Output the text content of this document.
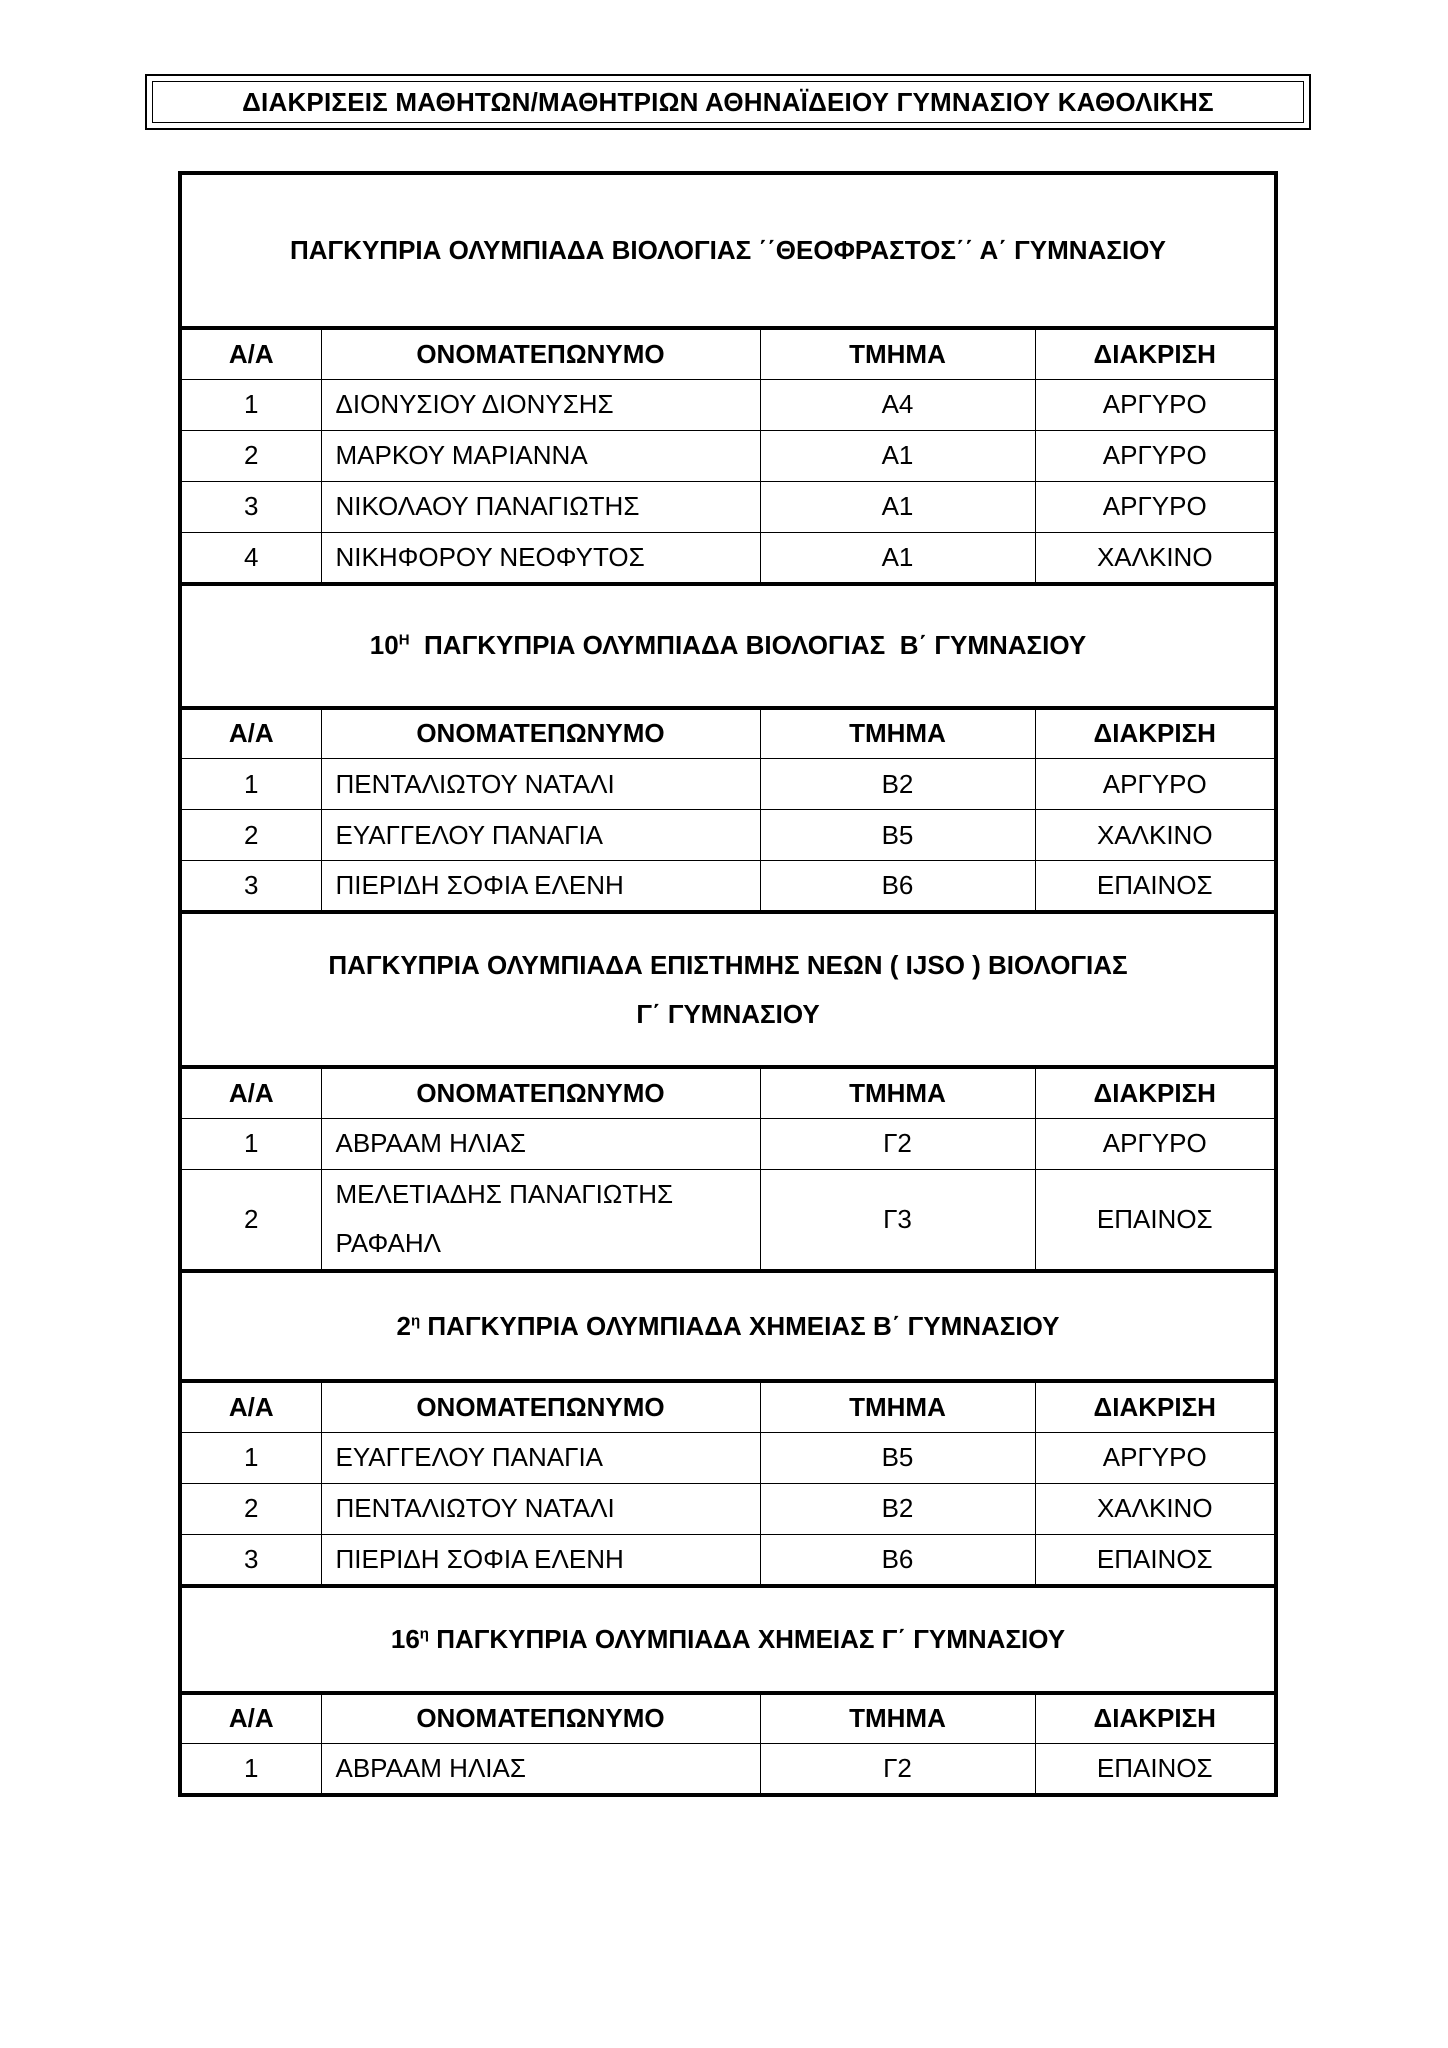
ΔΙΑΚΡΙΣΕΙΣ ΜΑΘΗΤΩΝ/ΜΑΘΗΤΡΙΩΝ ΑΘΗΝΑΪΔΕΙΟΥ ΓΥΜΝΑΣΙΟΥ ΚΑΘΟΛΙΚΗΣ
ΠΑΓΚΥΠΡΙΑ ΟΛΥΜΠΙΑΔΑ ΒΙΟΛΟΓΙΑΣ ΄΄ΘΕΟΦΡΑΣΤΟΣ΄΄ Α΄ ΓΥΜΝΑΣΙΟΥ			
Α/Α	ΟΝΟΜΑΤΕΠΩΝΥΜΟ	ΤΜΗΜΑ	ΔΙΑΚΡΙΣΗ
1	ΔΙΟΝΥΣΙΟΥ ΔΙΟΝΥΣΗΣ	Α4	ΑΡΓΥΡΟ
2	ΜΑΡΚΟΥ ΜΑΡΙΑΝΝΑ	Α1	ΑΡΓΥΡΟ
3	ΝΙΚΟΛΑΟΥ ΠΑΝΑΓΙΩΤΗΣ	Α1	ΑΡΓΥΡΟ
4	ΝΙΚΗΦΟΡΟΥ ΝΕΟΦΥΤΟΣ	Α1	ΧΑΛΚΙΝΟ
$10^H$ ΠΑΓΚΥΠΡΙΑ ΟΛΥΜΠΙΑΔΑ ΒΙΟΛΟΓΙΑΣ  Β΄ ΓΥΜΝΑΣΙΟΥ			
Α/Α	ΟΝΟΜΑΤΕΠΩΝΥΜΟ	ΤΜΗΜΑ	ΔΙΑΚΡΙΣΗ
1	ΠΕΝΤΑΛΙΩΤΟΥ ΝΑΤΑΛΙ	Β2	ΑΡΓΥΡΟ
2	ΕΥΑΓΓΕΛΟΥ ΠΑΝΑΓΙΑ	Β5	ΧΑΛΚΙΝΟ
3	ΠΙΕΡΙΔΗ ΣΟΦΙΑ ΕΛΕΝΗ	Β6	ΕΠΑΙΝΟΣ

ΠΑΓΚΥΠΡΙΑ ΟΛΥΜΠΙΑΔΑ ΕΠΙΣΤΗΜΗΣ ΝΕΩΝ ( IJSO ) ΒΙΟΛΟΓΙΑΣ
Γ΄ ΓΥΜΝΑΣΙΟΥ			

Α/Α	ΟΝΟΜΑΤΕΠΩΝΥΜΟ	ΤΜΗΜΑ	ΔΙΑΚΡΙΣΗ
1	ΑΒΡΑΑΜ ΗΛΙΑΣ	Γ2	ΑΡΓΥΡΟ
2	ΜΕΛΕΤΙΑΔΗΣ ΠΑΝΑΓΙΩΤΗΣ
ΡΑΦΑΗΛ	Γ3	ΕΠΑΙΝΟΣ
$2^\eta$ ΠΑΓΚΥΠΡΙΑ ΟΛΥΜΠΙΑΔΑ ΧΗΜΕΙΑΣ Β΄ ΓΥΜΝΑΣΙΟΥ			
Α/Α	ΟΝΟΜΑΤΕΠΩΝΥΜΟ	ΤΜΗΜΑ	ΔΙΑΚΡΙΣΗ
1	ΕΥΑΓΓΕΛΟΥ ΠΑΝΑΓΙΑ	Β5	ΑΡΓΥΡΟ
2	ΠΕΝΤΑΛΙΩΤΟΥ ΝΑΤΑΛΙ	Β2	ΧΑΛΚΙΝΟ
3	ΠΙΕΡΙΔΗ ΣΟΦΙΑ ΕΛΕΝΗ	Β6	ΕΠΑΙΝΟΣ
$16^\eta$ ΠΑΓΚΥΠΡΙΑ ΟΛΥΜΠΙΑΔΑ ΧΗΜΕΙΑΣ Γ΄ ΓΥΜΝΑΣΙΟΥ			
Α/Α	ΟΝΟΜΑΤΕΠΩΝΥΜΟ	ΤΜΗΜΑ	ΔΙΑΚΡΙΣΗ
1	ΑΒΡΑΑΜ ΗΛΙΑΣ	Γ2	ΕΠΑΙΝΟΣ
